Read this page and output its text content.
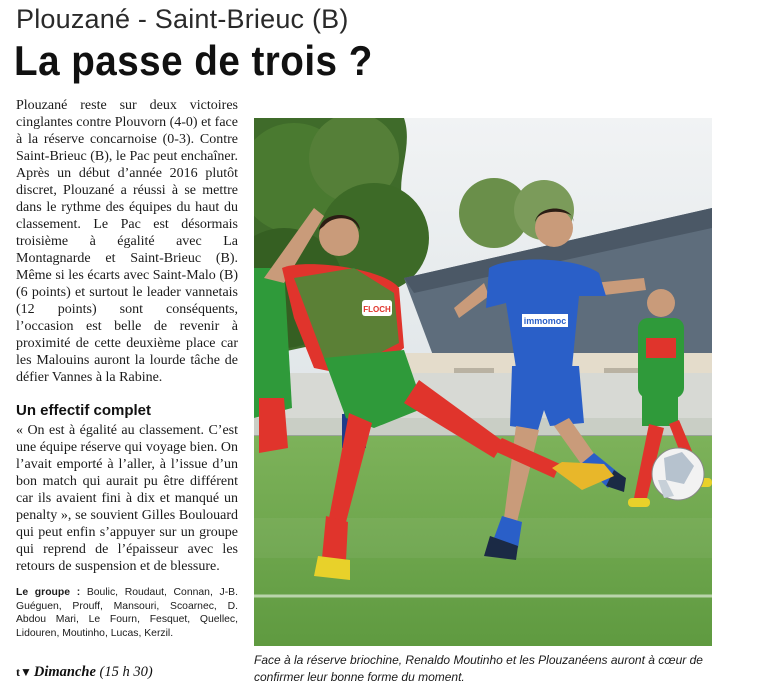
Plouzané - Saint-Brieuc (B)
La passe de trois ?

Plouzané reste sur deux victoires cinglantes contre Plouvorn (4-0) et face à la réserve concarnoise (0-3). Contre Saint-Brieuc (B), le Pac peut enchaîner.

Après un début d’année 2016 plutôt discret, Plouzané a réussi à se mettre dans le rythme des équipes du haut du classement. Le Pac est désormais troisième à égalité avec La Montagnarde et Saint-Brieuc (B). Même si les écarts avec Saint-Malo (B) (6 points) et surtout le leader vannetais (12 points) sont conséquents, l’occasion est belle de revenir à proximité de cette deuxième place car les Malouins auront la lourde tâche de défier Vannes à la Rabine.

Un effectif complet

« On est à égalité au classement. C’est une équipe réserve qui voyage bien. On l’avait emporté à l’aller, à l’issue d’un bon match qui aurait pu être différent car ils avaient fini à dix et manqué un penalty », se souvient Gilles Boulouard qui peut enfin s’appuyer sur un groupe qui reprend de l’épaisseur avec les retours de suspension et de blessure.

Le groupe : Boulic, Roudaut, Connan, J-B. Guéguen, Prouff, Mansouri, Scoarnec, D. Abdou Mari, Le Fourn, Fesquet, Quellec, Lidouren, Moutinho, Lucas, Kerzil.

t▼ Dimanche (15 h 30)
immomoc
FLOCH
Face à la réserve briochine, Renaldo Moutinho et les Plouzanéens auront à cœur de confirmer leur bonne forme du moment.
